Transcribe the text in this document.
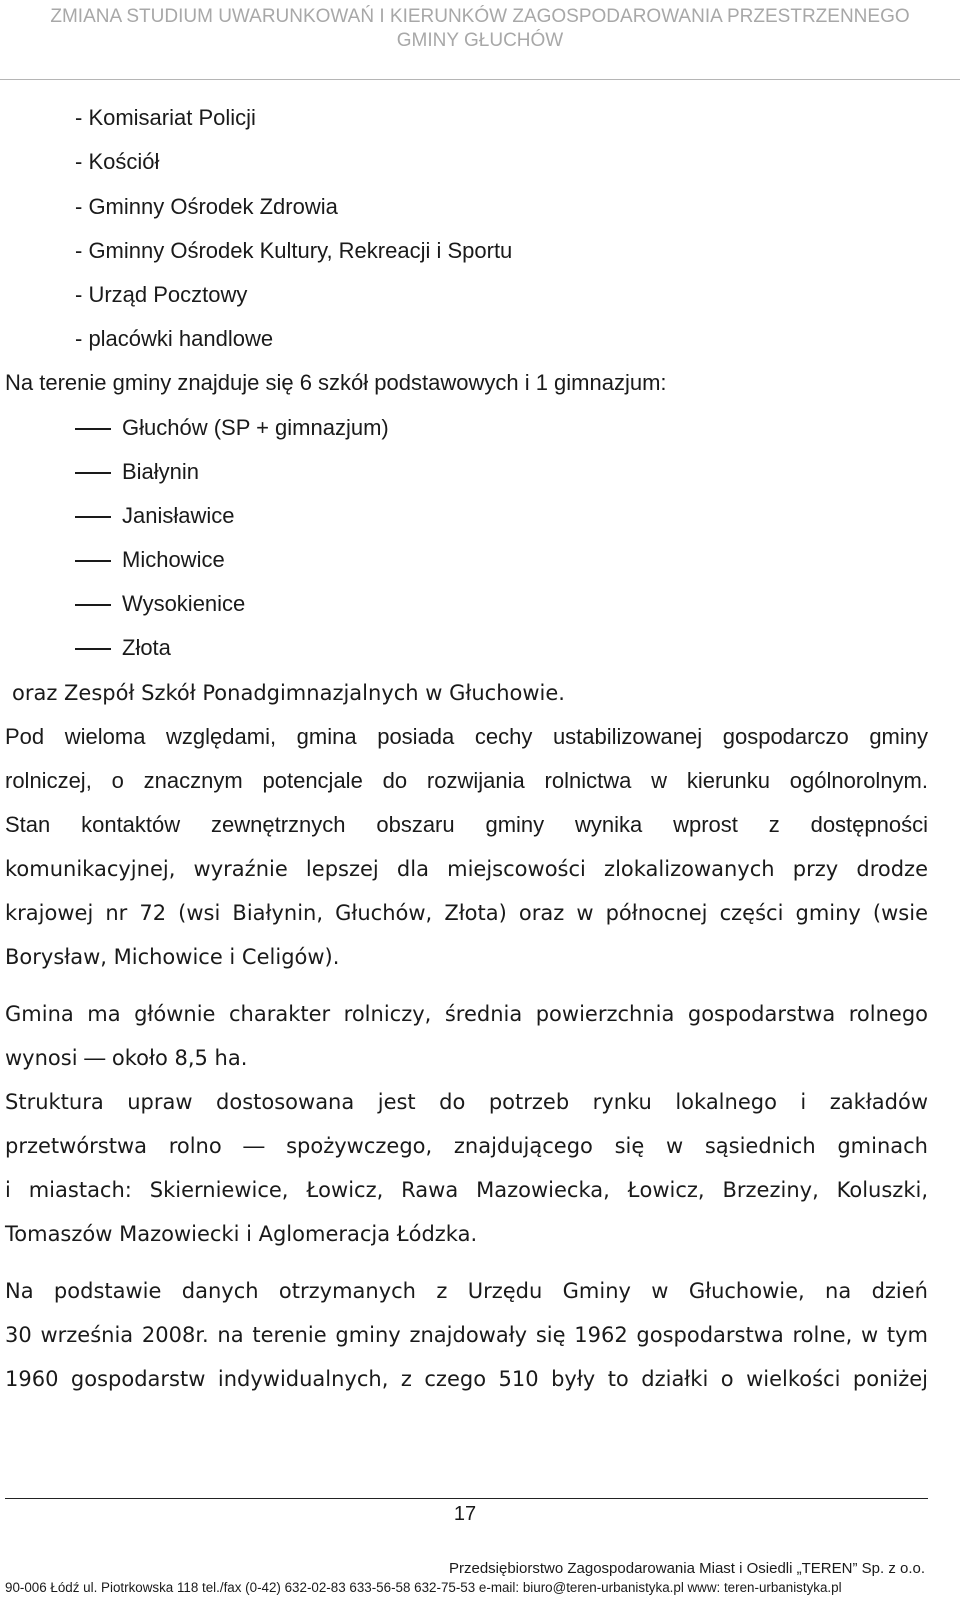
ZMIANA STUDIUM UWARUNKOWAŃ I KIERUNKÓW ZAGOSPODAROWANIA PRZESTRZENNEGO
GMINY GŁUCHÓW
- Komisariat Policji
- Kościół
- Gminny Ośrodek Zdrowia
- Gminny Ośrodek Kultury, Rekreacji i Sportu
- Urząd Pocztowy
- placówki handlowe
Na terenie gminy znajduje się 6 szkół podstawowych i 1 gimnazjum:
Głuchów (SP + gimnazjum)
Białynin
Janisławice
Michowice
Wysokienice
Złota
oraz Zespół Szkół Ponadgimnazjalnych w Głuchowie.
Pod wieloma względami, gmina posiada cechy ustabilizowanej gospodarczo gminy
rolniczej, o znacznym potencjale do rozwijania rolnictwa w kierunku ogólnorolnym.
Stan kontaktów zewnętrznych obszaru gminy wynika wprost z dostępności
komunikacyjnej, wyraźnie lepszej dla miejscowości zlokalizowanych przy drodze
krajowej nr 72 (wsi Białynin, Głuchów, Złota) oraz w północnej części gminy (wsie
Borysław, Michowice i Celigów).
Gmina ma głównie charakter rolniczy, średnia powierzchnia gospodarstwa rolnego
wynosi ― około 8,5 ha.
Struktura upraw dostosowana jest do potrzeb rynku lokalnego i zakładów
przetwórstwa rolno ― spożywczego, znajdującego się w sąsiednich gminach
i miastach: Skierniewice, Łowicz, Rawa Mazowiecka, Łowicz, Brzeziny, Koluszki,
Tomaszów Mazowiecki i Aglomeracja Łódzka.
Na podstawie danych otrzymanych z Urzędu Gminy w Głuchowie, na dzień
30 września 2008r. na terenie gminy znajdowały się 1962 gospodarstwa rolne, w tym
1960 gospodarstw indywidualnych, z czego 510 były to działki o wielkości poniżej
17
Przedsiębiorstwo Zagospodarowania Miast i Osiedli „TEREN” Sp. z o.o.
90-006 Łódź ul. Piotrkowska 118 tel./fax (0-42) 632-02-83 633-56-58 632-75-53 e-mail: biuro@teren-urbanistyka.pl www: teren-urbanistyka.pl
